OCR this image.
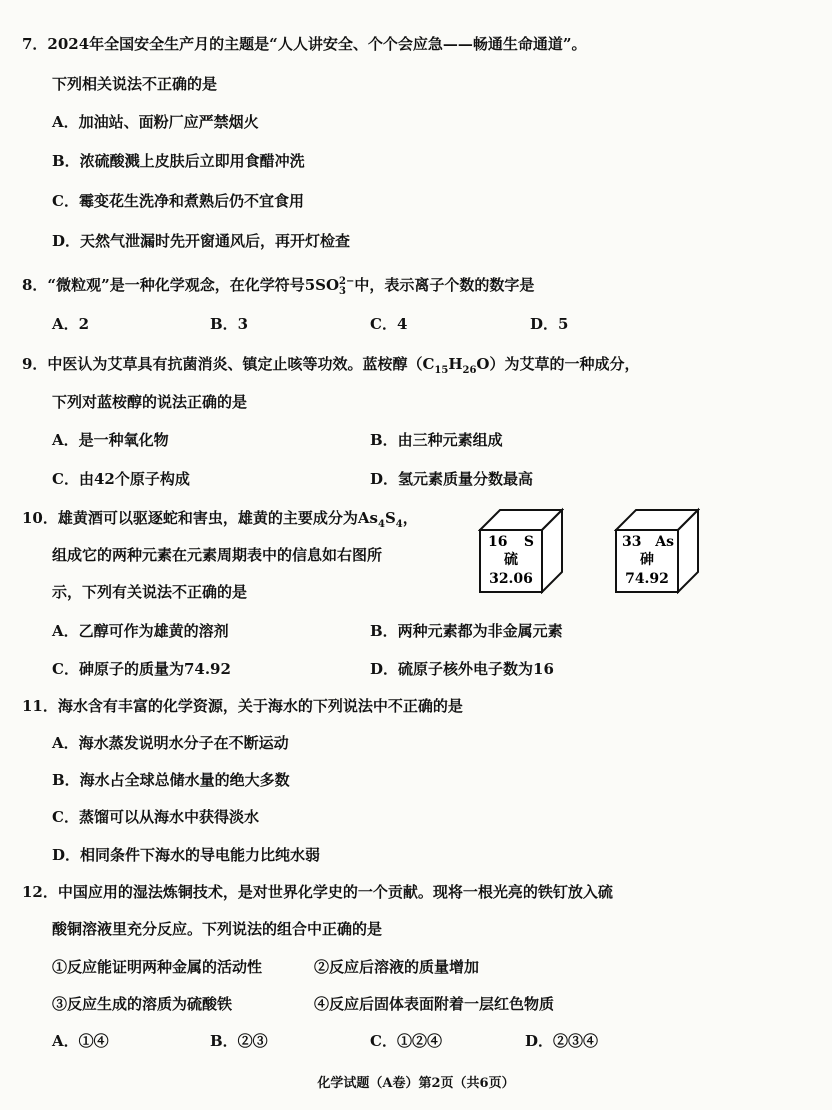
7．2024年全国安全生产月的主题是“人人讲安全、个个会应急——畅通生命通道”。
下列相关说法不正确的是
A．加油站、面粉厂应严禁烟火
B．浓硫酸溅上皮肤后立即用食醋冲洗
C．霉变花生洗净和煮熟后仍不宜食用
D．天然气泄漏时先开窗通风后，再开灯检查
8．“微粒观”是一种化学观念，在化学符号$5SO_3^{2-}$中，表示离子个数的数字是
A．2	B．3	C．4	D．5
9．中医认为艾草具有抗菌消炎、镇定止咳等功效。蓝桉醇$(C_{15}H_{26}O)$为艾草的一种成分，
下列对蓝桉醇的说法正确的是
A．是一种氧化物	B．由三种元素组成
C．由42个原子构成	D．氢元素质量分数最高
10．雄黄酒可以驱逐蛇和害虫，雄黄的主要成分为$As_4S_4$，
组成它的两种元素在元素周期表中的信息如右图所
示，下列有关说法不正确的是
16 S
硫
32.06
33 As
砷
74.92
A．乙醇可作为雄黄的溶剂	B．两种元素都为非金属元素
C．砷原子的质量为74.92	D．硫原子核外电子数为16
11．海水含有丰富的化学资源，关于海水的下列说法中不正确的是
A．海水蒸发说明水分子在不断运动
B．海水占全球总储水量的绝大多数
C．蒸馏可以从海水中获得淡水
D．相同条件下海水的导电能力比纯水弱
12．中国应用的湿法炼铜技术，是对世界化学史的一个贡献。现将一根光亮的铁钉放入硫
酸铜溶液里充分反应。下列说法的组合中正确的是
①反应能证明两种金属的活动性	②反应后溶液的质量增加
③反应生成的溶质为硫酸铁	④反应后固体表面附着一层红色物质
A．①④	B．②③	C．①②④	D．②③④
化学试题（A卷）第2页（共6页）
